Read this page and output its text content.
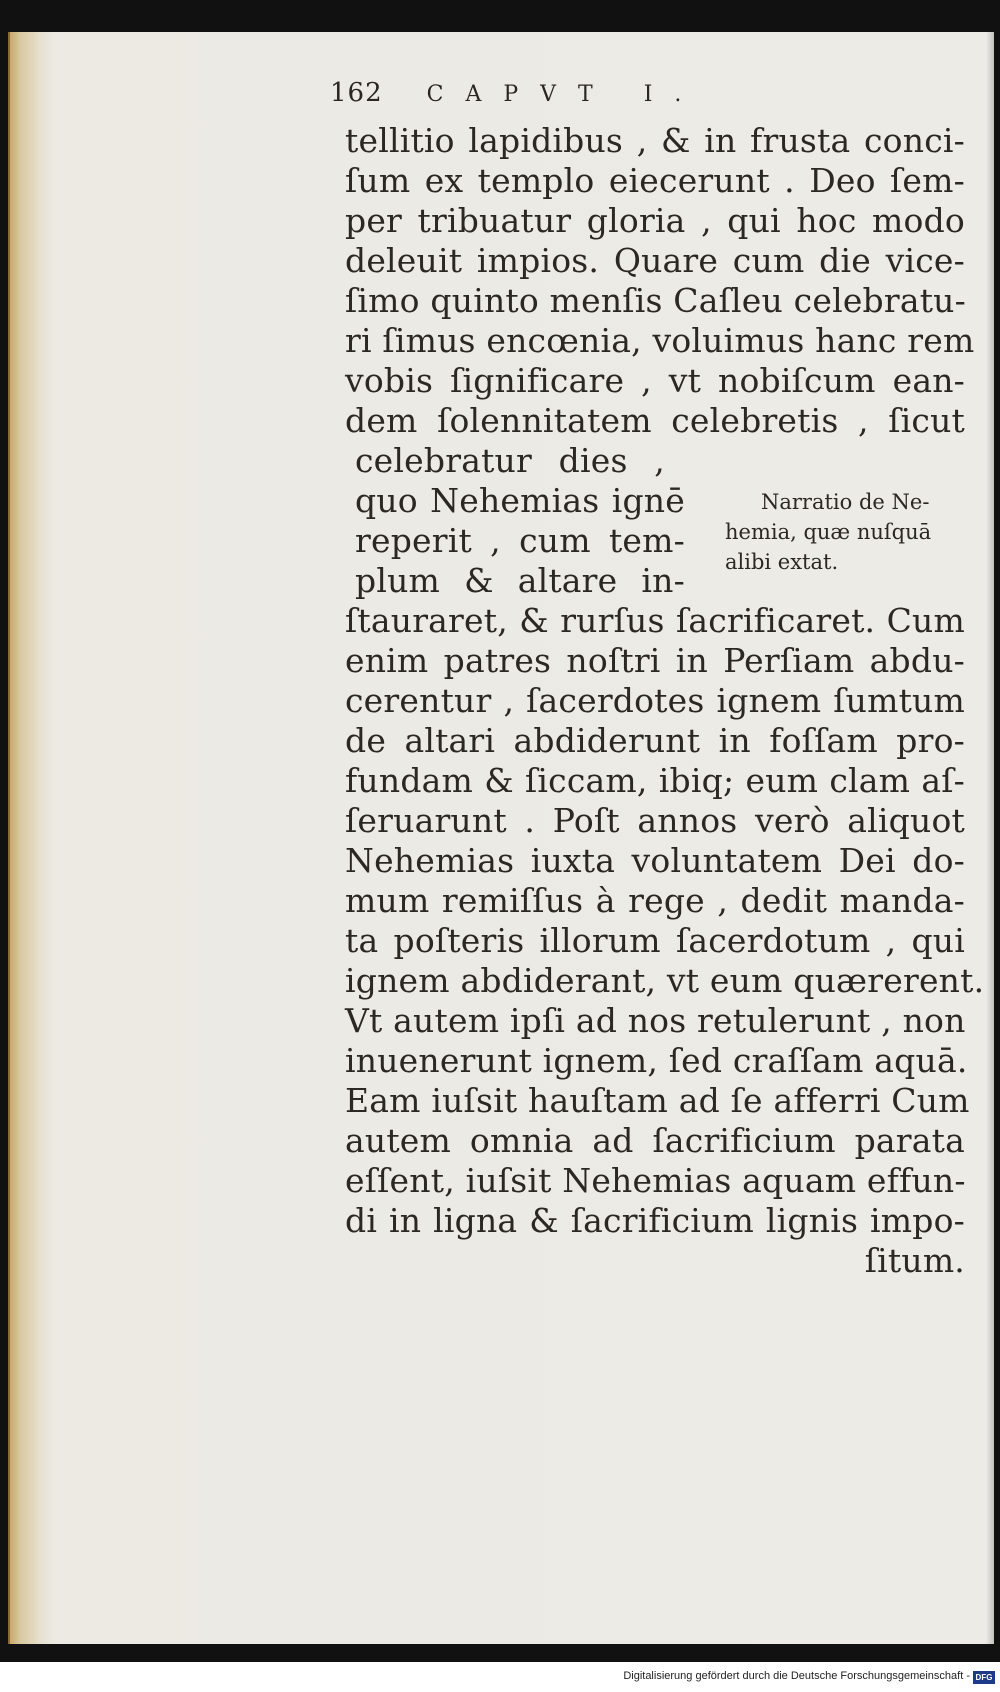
162	CAPVT I.
tellitio lapidibus , & in frusta conci-
ſum ex templo eiecerunt . Deo ſem-
per tribuatur gloria , qui hoc modo
deleuit impios. Quare cum die vice-
ſimo quinto menſis Caſleu celebratu-
ri ſimus encœnia, voluimus hanc rem
vobis ſignificare , vt nobiſcum ean-
dem ſolennitatem celebretis , ſicut
celebratur dies ,
quo Nehemias ignē
reperit , cum tem-
plum & altare in-
ſtauraret, & rurſus ſacrificaret. Cum
enim patres noſtri in Perſiam abdu-
cerentur , ſacerdotes ignem ſumtum
de altari abdiderunt in foſſam pro-
fundam & ſiccam, ibiq; eum clam aſ-
ſeruarunt . Poſt annos verò aliquot
Nehemias iuxta voluntatem Dei do-
mum remiſſus à rege , dedit manda-
ta poſteris illorum ſacerdotum , qui
ignem abdiderant, vt eum quærerent.
Vt autem ipſi ad nos retulerunt , non
inuenerunt ignem, ſed craſſam aquā.
Eam iuſsit hauſtam ad ſe afferri Cum
autem omnia ad ſacrificium parata
eſſent, iuſsit Nehemias aquam effun-
di in ligna & ſacrificium lignis impo-
ſitum.
Narratio de Ne-
hemia, quæ nuſquā
alibi extat.
Digitalisierung gefördert durch die Deutsche Forschungsgemeinschaft - DFG
